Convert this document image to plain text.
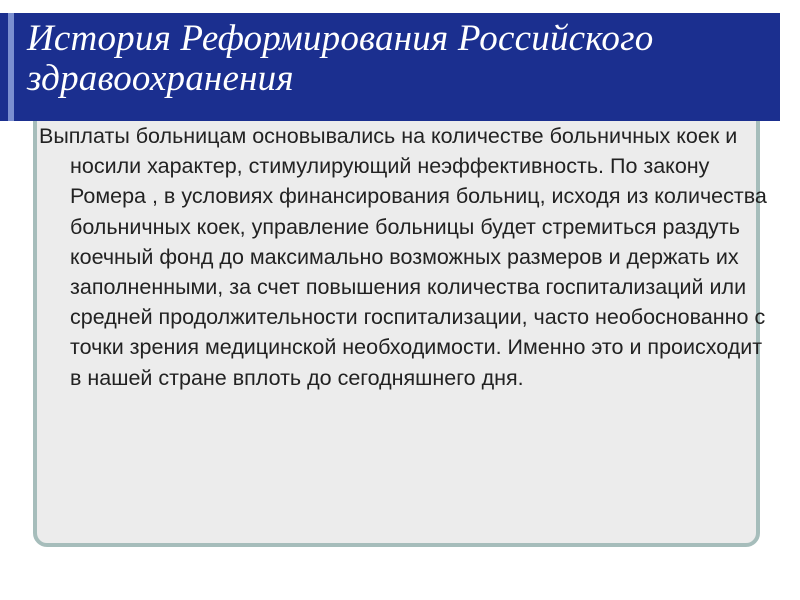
История Реформирования Российского здравоохранения

Выплаты больницам основывались на количестве больничных коек и носили характер, стимулирующий неэффективность. По закону Ромера , в условиях финансирования больниц, исходя из количества больничных коек, управление больницы будет стремиться раздуть коечный фонд до максимально возможных размеров и держать их заполненными, за счет повышения количества госпитализаций или средней продолжительности госпитализации, часто необоснованно с точки зрения медицинской необходимости. Именно это и происходит в нашей стране вплоть до сегодняшнего дня.
